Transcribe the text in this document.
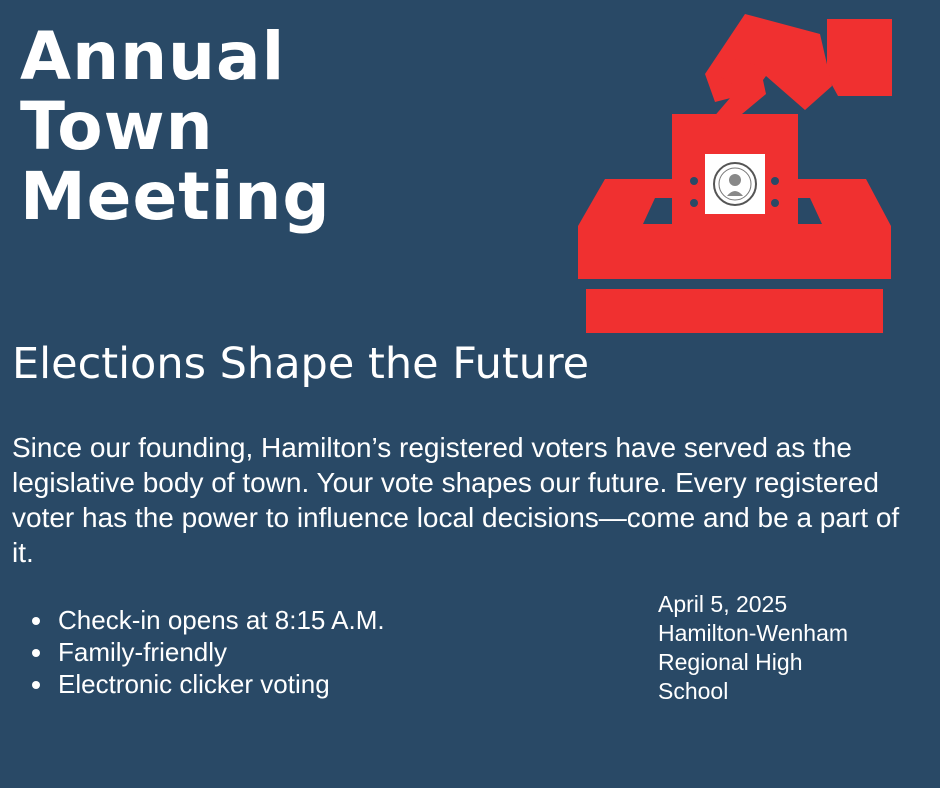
Annual
Town
Meeting
Elections Shape the Future

Since our founding, Hamilton’s registered voters have served as the legislative body of town. Your vote shapes our future. Every registered voter has the power to influence local decisions—come and be a part of it.

Check-in opens at 8:15 A.M.
Family-friendly
Electronic clicker voting
April 5, 2025
Hamilton-Wenham
Regional High
School
